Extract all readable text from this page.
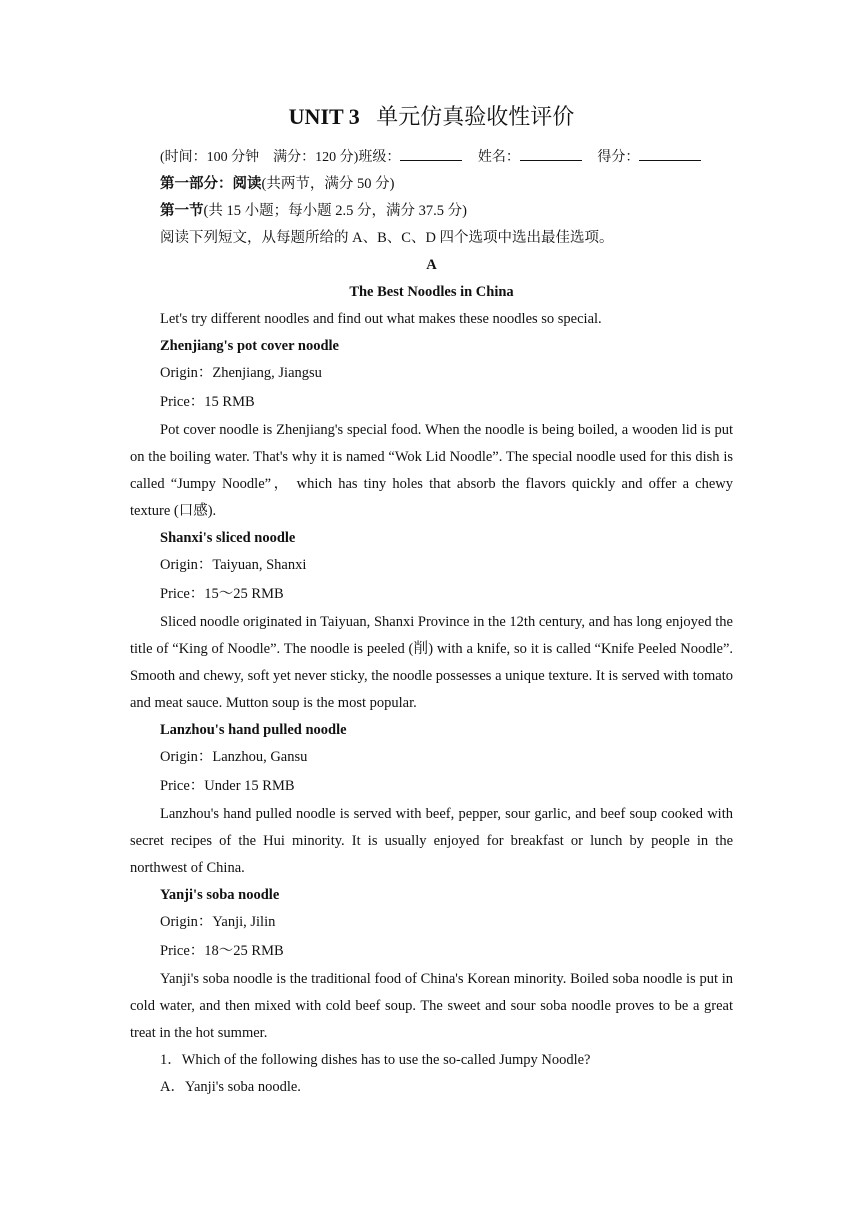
UNIT 3 单元仿真验收性评价

(时间：100 分钟　满分：120 分)班级：	姓名：	得分：

第一部分：阅读(共两节，满分 50 分)

第一节(共 15 小题；每小题 2.5 分，满分 37.5 分)

阅读下列短文，从每题所给的 A、B、C、D 四个选项中选出最佳选项。

A

The Best Noodles in China

Let's try different noodles and find out what makes these noodles so special.

Zhenjiang's pot cover noodle

Origin：Zhenjiang, Jiangsu

Price：15 RMB

Pot cover noodle is Zhenjiang's special food. When the noodle is being boiled, a wooden lid is put on the boiling water. That's why it is named “Wok Lid Noodle”. The special noodle used for this dish is called “Jumpy Noodle”， which has tiny holes that absorb the flavors quickly and offer a chewy texture (口感).

Shanxi's sliced noodle

Origin：Taiyuan, Shanxi

Price：15～25 RMB

Sliced noodle originated in Taiyuan, Shanxi Province in the 12th century, and has long enjoyed the title of “King of Noodle”. The noodle is peeled (削) with a knife, so it is called “Knife Peeled Noodle”. Smooth and chewy, soft yet never sticky, the noodle possesses a unique texture. It is served with tomato and meat sauce. Mutton soup is the most popular.

Lanzhou's hand pulled noodle

Origin：Lanzhou, Gansu

Price：Under 15 RMB

Lanzhou's hand pulled noodle is served with beef, pepper, sour garlic, and beef soup cooked with secret recipes of the Hui minority. It is usually enjoyed for breakfast or lunch by people in the northwest of China.

Yanji's soba noodle

Origin：Yanji, Jilin

Price：18～25 RMB

Yanji's soba noodle is the traditional food of China's Korean minority. Boiled soba noodle is put in cold water, and then mixed with cold beef soup. The sweet and sour soba noodle proves to be a great treat in the hot summer.

1．Which of the following dishes has to use the so-called Jumpy Noodle?

A．Yanji's soba noodle.
